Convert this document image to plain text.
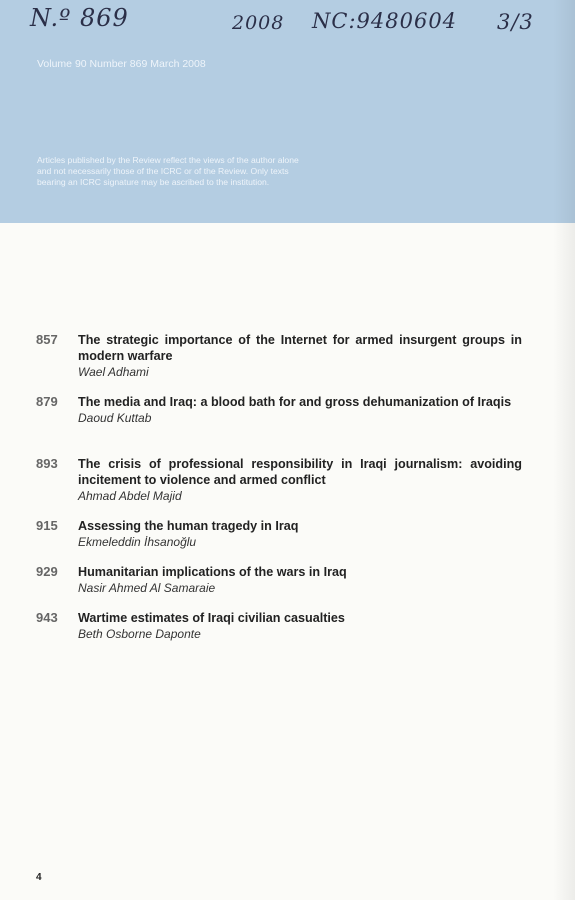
N.º 869	2008 NC:9480604 3/3
Volume 90 Number 869 March 2008
Articles published by the Review reflect the views of the author alone and not necessarily those of the ICRC or of the Review. Only texts bearing an ICRC signature may be ascribed to the institution.
857	The strategic importance of the Internet for armed insurgent groups in modern warfare
Wael Adhami
879	The media and Iraq: a blood bath for and gross dehumanization of Iraqis
Daoud Kuttab
893	The crisis of professional responsibility in Iraqi journalism: avoiding incitement to violence and armed conflict
Ahmad Abdel Majid
915	Assessing the human tragedy in Iraq
Ekmeleddin İhsanoğlu
929	Humanitarian implications of the wars in Iraq
Nasir Ahmed Al Samaraie
943	Wartime estimates of Iraqi civilian casualties
Beth Osborne Daponte
4
